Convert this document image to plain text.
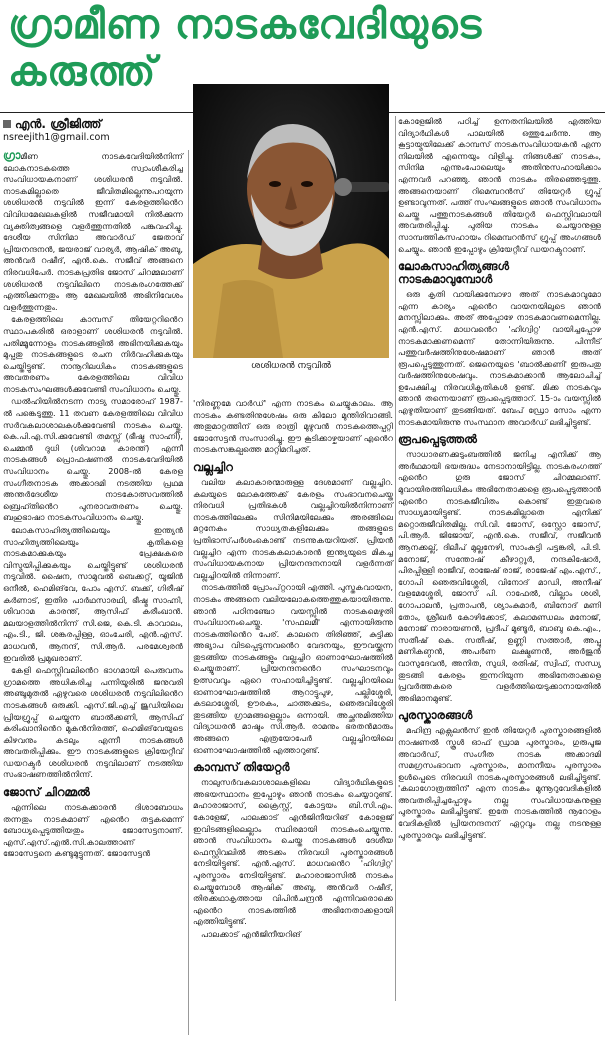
ഗ്രാമീണ നാടകവേദിയുടെ കരുത്ത്
എൻ. ശ്രീജിത്ത്
nsreejith1@gmail.com
ശശിധരൻ നടുവിൽ

ഗ്രാമീണ നാടകവേദിയിൽനിന്ന് ലോകനാടകത്തെ സ്വാംശീകരിച്ച സംവിധായകനാണ് ശശിധരൻ നടുവിൽ. നാടകമില്ലാതെ ജീവിതമില്ലെന്നുപറയുന്ന ശശിധരൻ നടുവിൽ ഇന്ന് കേരളത്തിൻെറ വിവിധമേഖലകളിൽ സജീവമായി നിൽക്കുന്ന വ്യക്തിത്വങ്ങളെ വളർത്തുന്നതിൽ പങ്കുവഹിച്ചു. ദേശീയ സിനിമാ അവാർഡ് ജേതാവ് പ്രിയനന്ദനൻ, ജയരാജ് വാര്യർ, ആഷിക് അബു, അൻവർ റഷീദ്, എൻ.കെ. സജീവ് അങ്ങനെ നിരവധിപേർ. നാടകപ്രതിഭ ജോസ് ചിറമ്മലാണ് ശശിധരൻ നടുവിലിനെ നാടകരംഗത്തേക്ക് എത്തിക്കുന്നതും ആ മേഖലയിൽ അഭിനിവേശം വളർത്തുന്നതും.

കേരളത്തിലെ കാമ്പസ് തിയേറ്ററിൻെറ സ്ഥാപകരിൽ ഒരാളാണ് ശശിധരൻ നടുവിൽ. പതിമ്മൂന്നോളം നാടകങ്ങളിൽ അഭിനയിക്കുകയും മുപ്പതു നാടകങ്ങളുടെ രചന നിർവഹിക്കുകയും ചെയ്തിട്ടുണ്ട്. നാനൂറിലധികം നാടകങ്ങളുടെ അവതരണം കേരളത്തിലെ വിവിധ നാടകസംഘങ്ങൾക്കുവേണ്ടി സംവിധാനം ചെയ്തു.

ഡൽഹിയിൽനടന്ന നാട്യ സമാരോഹ് 1987-ൽ പങ്കെടുത്തു. 11 തവണ കേരളത്തിലെ വിവിധ സർവകലാശാലകൾക്കുവേണ്ടി നാടകം ചെയ്തു. കെ.പി.എ.സി.ക്കുവേണ്ടി തമസ്സ് (ഭീഷ്മ സാഹ്നി), ചെമ്മൻ ദുധി (ശിവറാമ കാരന്ത്) എന്നീ നാടകങ്ങൾ പ്രൊഫഷണൽ നാടകവേദിയിൽ സംവിധാനം ചെയ്തു. 2008-ൽ കേരള സംഗീതനാടക അക്കാദമി നടത്തിയ പ്രഥമ അന്തർദേശീയ നാടകോത്സവത്തിൽ ബ്രെഹ്തിൻെറ പുനരാവതരണം ചെയ്തു. ബഹുഭാഷാ നാടകസംവിധാനം ചെയ്തു.

ലോകസാഹിത്യത്തിലെയും ഇന്ത്യൻ സാഹിത്യത്തിലെയും കൃതികളെ നാടകമാക്കുകയും പ്രേക്ഷകരെ വിസ്മയിപ്പിക്കുകയും ചെയ്തിട്ടുണ്ട് ശശിധരൻ നടുവിൽ. ഷൈന, സാമുവൽ ബെക്കറ്റ്, യൂജിൻ ഒനീൽ, ഹെമിങ്‌വേ, പോം എസ്. ബക്ക്, ഗിരീഷ് കർണാട്, ഇതിര പാർഥസാരഥി, ഭീഷ്മ സാഹ്നി, ശിവറാമ കാരന്ത്, ആസിഫ് കരീംഖാൻ. മലയാളത്തിൽനിന്ന് സി.ജെ, കെ.ടി. കാവാലം, എം.ടി., ജി. ശങ്കരപ്പിള്ള, ഓംചേരി, എൻ.എസ്. മാധവൻ, ആനന്ദ്, സി.ആർ. പരമേശ്വരൻ ഇവരിൽ പ്രമുഖരാണ്.

കേളി ഫെസ്റ്റിവലിൻെറ ഭാഗമായി പെരുവനം ഗ്രാമത്തെ അധികരിച്ച പന്നിയൂരിൽ ജനുവരി അഞ്ചുമുതൽ ഏഴുവരെ ശശിധരൻ നടുവിലിൻെറ നാടകങ്ങൾ ഒരുക്കി. എസ്.ജി.എച്ച് ജൂഡിയിലെ പ്രിയഗ്രൂപ്പ് ചെയ്യുന്ന ബാൽക്കണി, ആസിഫ് കരിംഖാനിൻെറ മുകൻനിരത്ത്, ഹെമിങ്‌വേയുടെ കിഴവനും കടലും എന്നീ നാടകങ്ങൾ അവതരിപ്പിക്കും. ഈ നാടകങ്ങളുടെ ക്രിയേറ്റീവ് ഡയറക്ടർ ശശിധരൻ നടുവിലാണ് നടത്തിയ സംഭാഷണത്തിൽനിന്ന്.

ജോസ് ചിറമ്മൽ

എന്നിലെ നാടകക്കാരൻ ദിശാബോധം തന്നതും നാടകമാണ് എൻെറ തട്ടകമെന്ന് ബോധ്യപ്പെടുത്തിയതും ജോസേട്ടനാണ്. എസ്.എസ്.എൽ.സി.കാലത്താണ് ജോസേട്ടനെ കണ്ടുമുട്ടുന്നത്. ജോസേട്ടൻ

'നിരണ്ണമേ വാർഡ്' എന്ന നാടകം ചെയ്യുകാലം. ആ നാടകം കണ്ടതിനുശേഷം ഒരു കിലോ മുന്തിരിവാങ്ങി. അതുമാറ്റത്തിന് ഒരു രാത്രി മുഴുവൻ നാടകത്തെപ്പറ്റി ജോസേട്ടൻ സംസാരിച്ചു. ഈ കൂടിക്കാഴ്ചയാണ് എൻെറ നാടകസങ്കല്പത്തെ മാറ്റിമറിച്ചത്.

വല്ലച്ചിറ

വലിയ കലാകാരന്മാരുള്ള ദേശമാണ് വല്ലച്ചിറ. കലയുടെ ലോകത്തേക്ക് കേരളം സംഭാവനചെയ്ത നിരവധി പ്രതിഭകൾ വല്ലച്ചിറയിൽനിന്നാണ് നാടകത്തിലേക്കും സിനിമയിലേക്കും അരങ്ങിലെ മറ്റനേകം സാധ്യതകളിലേക്കും തങ്ങളുടെ പ്രതിഭാസ്‌പർശംകൊണ്ട് നടന്നുകയറിയത്. പ്രിയൻ വല്ലച്ചിറ എന്ന നാടകകലാകാരൻ ഇന്ത്യയുടെ മികച്ച സംവിധായകനായ പ്രിയനന്ദനനായി വളർന്നത് വല്ലച്ചിറയിൽ നിന്നാണ്.

നാടകത്തിൽ പ്രോംപ്റ്ററായി എത്തി. പുസ്തകവായന, നാടകം അങ്ങനെ വലിയലോകത്തെത്തുകയായിരുന്നു. ഞാൻ പഠിനഞ്ചോ വയസ്സിൽ നാടകമെഴുതി സംവിധാനംചെയ്തു. 'സഫലമീ' എന്നായിരുന്നു നാടകത്തിൻെറ പേര്. കാലനെ തിരിഞ്ഞ്, കുട്ടിക്ക അഭ്യാപ വിടപ്പെടുന്നവൻെറ വേദനയും, ഈവയ്ക്കുന്ന തുടങ്ങിയ നാടകങ്ങളും വല്ലച്ചിറ ഓണാഘോഷത്തിൽ ചെയ്യുതാണ്. പ്രിയനന്ദനൻെറ സംഘാടനവും ഉത്സവവും ഏറെ സഹായിച്ചിട്ടുണ്ട്. വല്ലച്ചിറയിലെ ഓണാഘോഷത്തിൽ ആറാട്ടുപുഴ, പല്ലിശ്ശേരി, കടലാശ്ശേരി, ഊരകം, ചാത്തക്കുടം, ഞെരുവിശ്ശേരി തുടങ്ങിയ ഗ്രാമങ്ങളെല്ലാം ഒന്നായി. അച്ഛനുമിത്തിയ വിദ്യാധരൻ മാഷും സി.ആർ. രാമനും ഭരതൻമാരും അങ്ങനെ എത്രയോപേർ വല്ലച്ചിറയിലെ ഓണാഘോഷത്തിൽ എത്താറുണ്ട്.

കാമ്പസ് തിയേറ്റർ

നാലുസർവകലാശാലകളിലെ വിദ്യാർഥികളുടെ അഭയസ്ഥാനം ഇപ്പോഴും ഞാൻ നാടകം ചെയ്യാറുണ്ട്. മഹാരാജാസ്, ക്രൈസ്റ്റ്, കോട്ടയം ബി.സി.എം. കോളേജ്, പാലക്കാട് എൻജിനീയറിങ് കോളേജ് ഇവിടങ്ങളിലെല്ലാം സ്ഥിരമായി നാടകംചെയ്യുന്നു. ഞാൻ സംവിധാനം ചെയ്ത നാടകങ്ങൾ ദേശീയ ഫെസ്റ്റിവലിൽ അടക്കം നിരവധി പുരസ്കാരങ്ങൾ നേടിയിട്ടുണ്ട്. എൻ.എസ്. മാധവൻെറ 'ഹിഗ്വിറ്റ' പുരസ്കാരം നേടിയിട്ടുണ്ട്. മഹാരാജാസിൽ നാടകം ചെയ്യുമ്പോൾ ആഷിക് അബു, അൻവർ റഷീദ്, തിരക്കഥാകൃത്തായ വിപിൻചന്ദ്രൻ എന്നിവരൊക്കെ എൻെറ നാടകത്തിൽ അഭിനേതാക്കളായി എത്തിയിട്ടുണ്ട്.

പാലക്കാട് എൻജിനീയറിങ്

കോളേജിൽ പഠിച്ച് ഉന്നതനിലയിൽ എത്തിയ വിദ്യാർഥികൾ പാലയിൽ ഒത്തുചേർന്നു. ആ കൂട്ടായ്മയിലേക്ക് കാമ്പസ് നാടകസംവിധായകൻ എന്ന നിലയിൽ എന്നെയും വിളിച്ചു. നിങ്ങൾക്ക് നാടകം, സിനിമ എന്നുംപോലെയും അതിനുസഹായിക്കാം എന്നവർ പറഞ്ഞു. ഞാൻ നാടകം തിരഞ്ഞെടുത്തു. അങ്ങനെയാണ് റിമെമ്പറൻസ് തിയേറ്റർ ഗ്രൂപ്പ് ഉണ്ടാവുന്നത്. പത്ത് സംഘങ്ങളുടെ ഞാൻ സംവിധാനം ചെയ്ത പത്തുനാടകങ്ങൾ തിയേറ്റർ ഫെസ്റ്റിവലായി അവതരിപ്പിച്ചു. പുതിയ നാടകം ചെയ്യാനുള്ള സാമ്പത്തികസഹായം റിമെമ്പറൻസ് ഗ്രൂപ്പ് അംഗങ്ങൾ ചെയ്യും. ഞാൻ ഇപ്പോഴും ക്രിയേറ്റീവ് ഡയറക്ടറാണ്.

ലോകസാഹിത്യങ്ങൾ നാടകമാവുമ്പോൾ

ഒരു കൃതി വായിക്കുമ്പോഴാ അത് നാടകമാവുമോ എന്ന കാര്യം എൻെറ വായനയിലുടെ ഞാൻ മനസ്സിലാക്കും. അത് അപ്പോഴേ നാടകമാവണമെന്നില്ല. എൻ.എസ്. മാധവൻെറ 'ഹിഗ്വിറ്റ' വായിച്ചപ്പോഴ നാടകമാക്കണമെന്ന് തോന്നിയിരുന്നു. പിന്നീട് പത്തുവർഷത്തിനുശേഷമാണ് ഞാൻ അത് രൂപപ്പെടുത്തുന്നത്. ജെനെയുടെ 'ബാൽക്കണി' ഇരുപതു വർഷത്തിനുശേഷവും. നാടകമാക്കാൻ ആലോചിച്ച് ഉപേക്ഷിച്ച നിരവധികൃതികൾ ഉണ്ട്. മിക്ക നാടകവും ഞാൻ തന്നെയാണ് രൂപപ്പെടുത്താറ്. 15-ാം വയസ്സിൽ എഴുതിയാണ് തുടങ്ങിയത്. ബേപ് ഡ്രോ സോം എന്ന നാടകമായിരുന്നു സംസ്ഥാന അവാർഡ് ലഭിച്ചിട്ടുണ്ട്.

രൂപപ്പെടുത്തൽ

സാധാരണക്കുടുംബത്തിൽ ജനിച്ച എനിക്ക് ആ അർഥമായി ഭയരുദ്ധം നേടാനായിട്ടില്ല. നാടകരംഗത്ത് എൻെറ ഗുരു ജോസ് ചിറമ്മലാണ്. മുവായിരത്തിലധികം അഭിനേതാക്കളെ രൂപപ്പെടുത്താൻ എൻെറ നാടകജീവിതം കൊണ്ട് ഇതുവരെ സാധ്യമായിട്ടുണ്ട്. നാടകമില്ലാതെ എനിക്ക് മറ്റൊരുജീവിതമില്ല. സി.വി. ജോസ്, ഒസ്റ്റോ ജോസ്, പി.ആർ. ജിജോയ്, എൻ.കെ. സജീവ്, സജീവൻ ആനക്കല്ല്, ദിലീപ് മുല്ലനേഴി, സാംകുട്ടി പട്ടങ്കരി, പി.ടി. മനോജ്, സന്തോഷ് കീഴാറ്റൂർ, നന്ദകിഷോർ, പിരപ്പിള്ളി രാജീവ്, രാജേഷ് രാജ്, രാജേഷ് എം.എസ്., ഗോപി ഞെരുവിശ്ശേരി, വിനോദ് മാഡി, അനീഷ് വളമേശ്ശേരി, ജോസ് പി. റാഫേൽ, വില്ലാം ശശി, ഗോപാലൻ, പ്രതാപൻ, ശ്യാംകുമാർ, ബിനോദ് മണി തോം, ശ്രീഖർ കോഴിക്കോട്, കലാമണ്ഡലം മനോജ്, മനോജ് നാരായണൻ, പ്രദീപ് മുണ്ടൂർ, ബാബു കെ.എം., സതീഷ് കെ. സതീഷ്, ഉണ്ണി സത്താർ, അപ്പു മണികണ്ഠൻ, അപർണ ലക്ഷ്മണൻ, അർജുൻ വാസുദേവൻ, അനിത, സുധി, രതിഷ്, സ്വിഫ്, സന്ധ്യ തുടങ്ങി കേരളം ഇന്നറിയുന്ന അഭിനേതാക്കളെ പ്രവർത്തകരെ വളർത്തിയെടുക്കാനായതിൽ അഭിമാനമുണ്ട്.

പുരസ്കാരങ്ങൾ

മഹിന്ദ്ര എക്സലൻസ് ഇൻ തിയേറ്റർ പുരസ്കാരങ്ങളിൽ നാഷണൽ സ്കൂൾ ഓഫ് ഡ്രാമ പുരസ്കാരം, ഗുരുപൂജ അവാർഡ്, സംഗീത നാടക അക്കാദമി സമഗ്രസംഭാവന പുരസ്കാരം, മാനനീയം പുരസ്കാരം ഉൾപ്പെടെ നിരവധി നാടകപുരസ്കാരങ്ങൾ ലഭിച്ചിട്ടുണ്ട്. 'കലാഗോത്രത്തിന്' എന്ന നാടകം മുന്നൂറുവേദികളിൽ അവതരിപ്പിച്ചപ്പോഴും നല്ല സംവിധായകനുള്ള പുരസ്കാരം ലഭിച്ചിട്ടുണ്ട്. ഇതേ നാടകത്തിൽ നൂറോളം വേദികളിൽ പ്രിയനന്ദനന് ഏറ്റവും നല്ല നടനുള്ള പുരസ്കാരവും ലഭിച്ചിട്ടുണ്ട്.
